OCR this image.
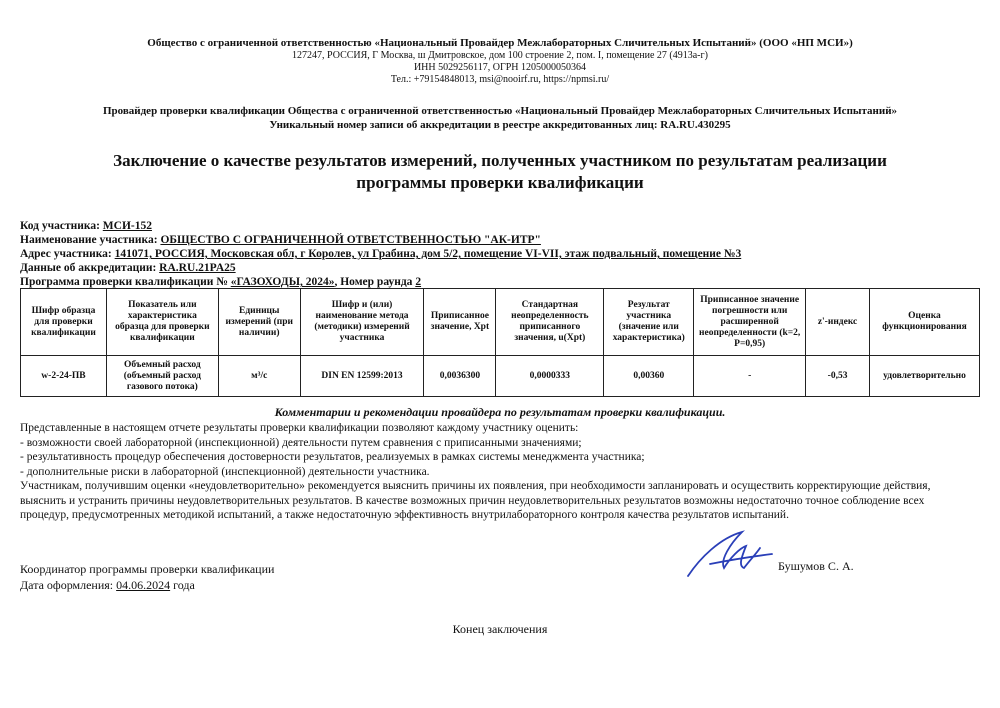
Общество с ограниченной ответственностью «Национальный Провайдер Межлабораторных Сличительных Испытаний» (ООО «НП МСИ»)
127247, РОССИЯ, Г Москва, ш Дмитровское, дом 100 строение 2, пом. I, помещение 27 (4913а-г)
ИНН 5029256117, ОГРН 1205000050364
Тел.: +79154848013, msi@nooirf.ru, https://npmsi.ru/
Провайдер проверки квалификации Общества с ограниченной ответственностью «Национальный Провайдер Межлабораторных Сличительных Испытаний»
Уникальный номер записи об аккредитации в реестре аккредитованных лиц: RA.RU.430295
Заключение о качестве результатов измерений, полученных участником по результатам реализации
программы проверки квалификации
Код участника: МСИ-152
Наименование участника: ОБЩЕСТВО С ОГРАНИЧЕННОЙ ОТВЕТСТВЕННОСТЬЮ "АК-ИТР"
Адрес участника: 141071, РОССИЯ, Московская обл, г Королев, ул Грабина, дом 5/2, помещение VI-VII, этаж подвальный, помещение №3
Данные об аккредитации: RA.RU.21PA25
Программа проверки квалификации № «ГАЗОХОДЫ, 2024», Номер раунда 2
Шифр образца для проверки квалификации	Показатель или характеристика образца для проверки квалификации	Единицы измерений (при наличии)	Шифр и (или) наименование метода (методики) измерений участника	Приписанное значение, Xpt	Стандартная неопределенность приписанного значения, u(Xpt)	Результат участника (значение или характеристика)	Приписанное значение погрешности или расширенной неопределенности (k=2, P=0,95)	z'-индекс	Оценка функционирования
w-2-24-ПВ	Объемный расход (объемный расход газового потока)	м³/с	DIN EN 12599:2013	0,0036300	0,0000333	0,00360	-	-0,53	удовлетворительно
Комментарии и рекомендации провайдера по результатам проверки квалификации.

Представленные в настоящем отчете результаты проверки квалификации позволяют каждому участнику оценить:

- возможности своей лабораторной (инспекционной) деятельности путем сравнения с приписанными значениями;

- результативность процедур обеспечения достоверности результатов, реализуемых в рамках системы менеджмента участника;

- дополнительные риски в лабораторной (инспекционной) деятельности участника.

Участникам, получившим оценки «неудовлетворительно» рекомендуется выяснить причины их появления, при необходимости запланировать и осуществить корректирующие действия, выяснить и устранить причины неудовлетворительных результатов. В качестве возможных причин неудовлетворительных результатов возможны недостаточно точное соблюдение всех процедур, предусмотренных методикой испытаний, а также недостаточную эффективность внутрилабораторного контроля качества результатов испытаний.

Координатор программы проверки квалификации
Дата оформления: 04.06.2024 года
Бушумов С. А.
Конец заключения
